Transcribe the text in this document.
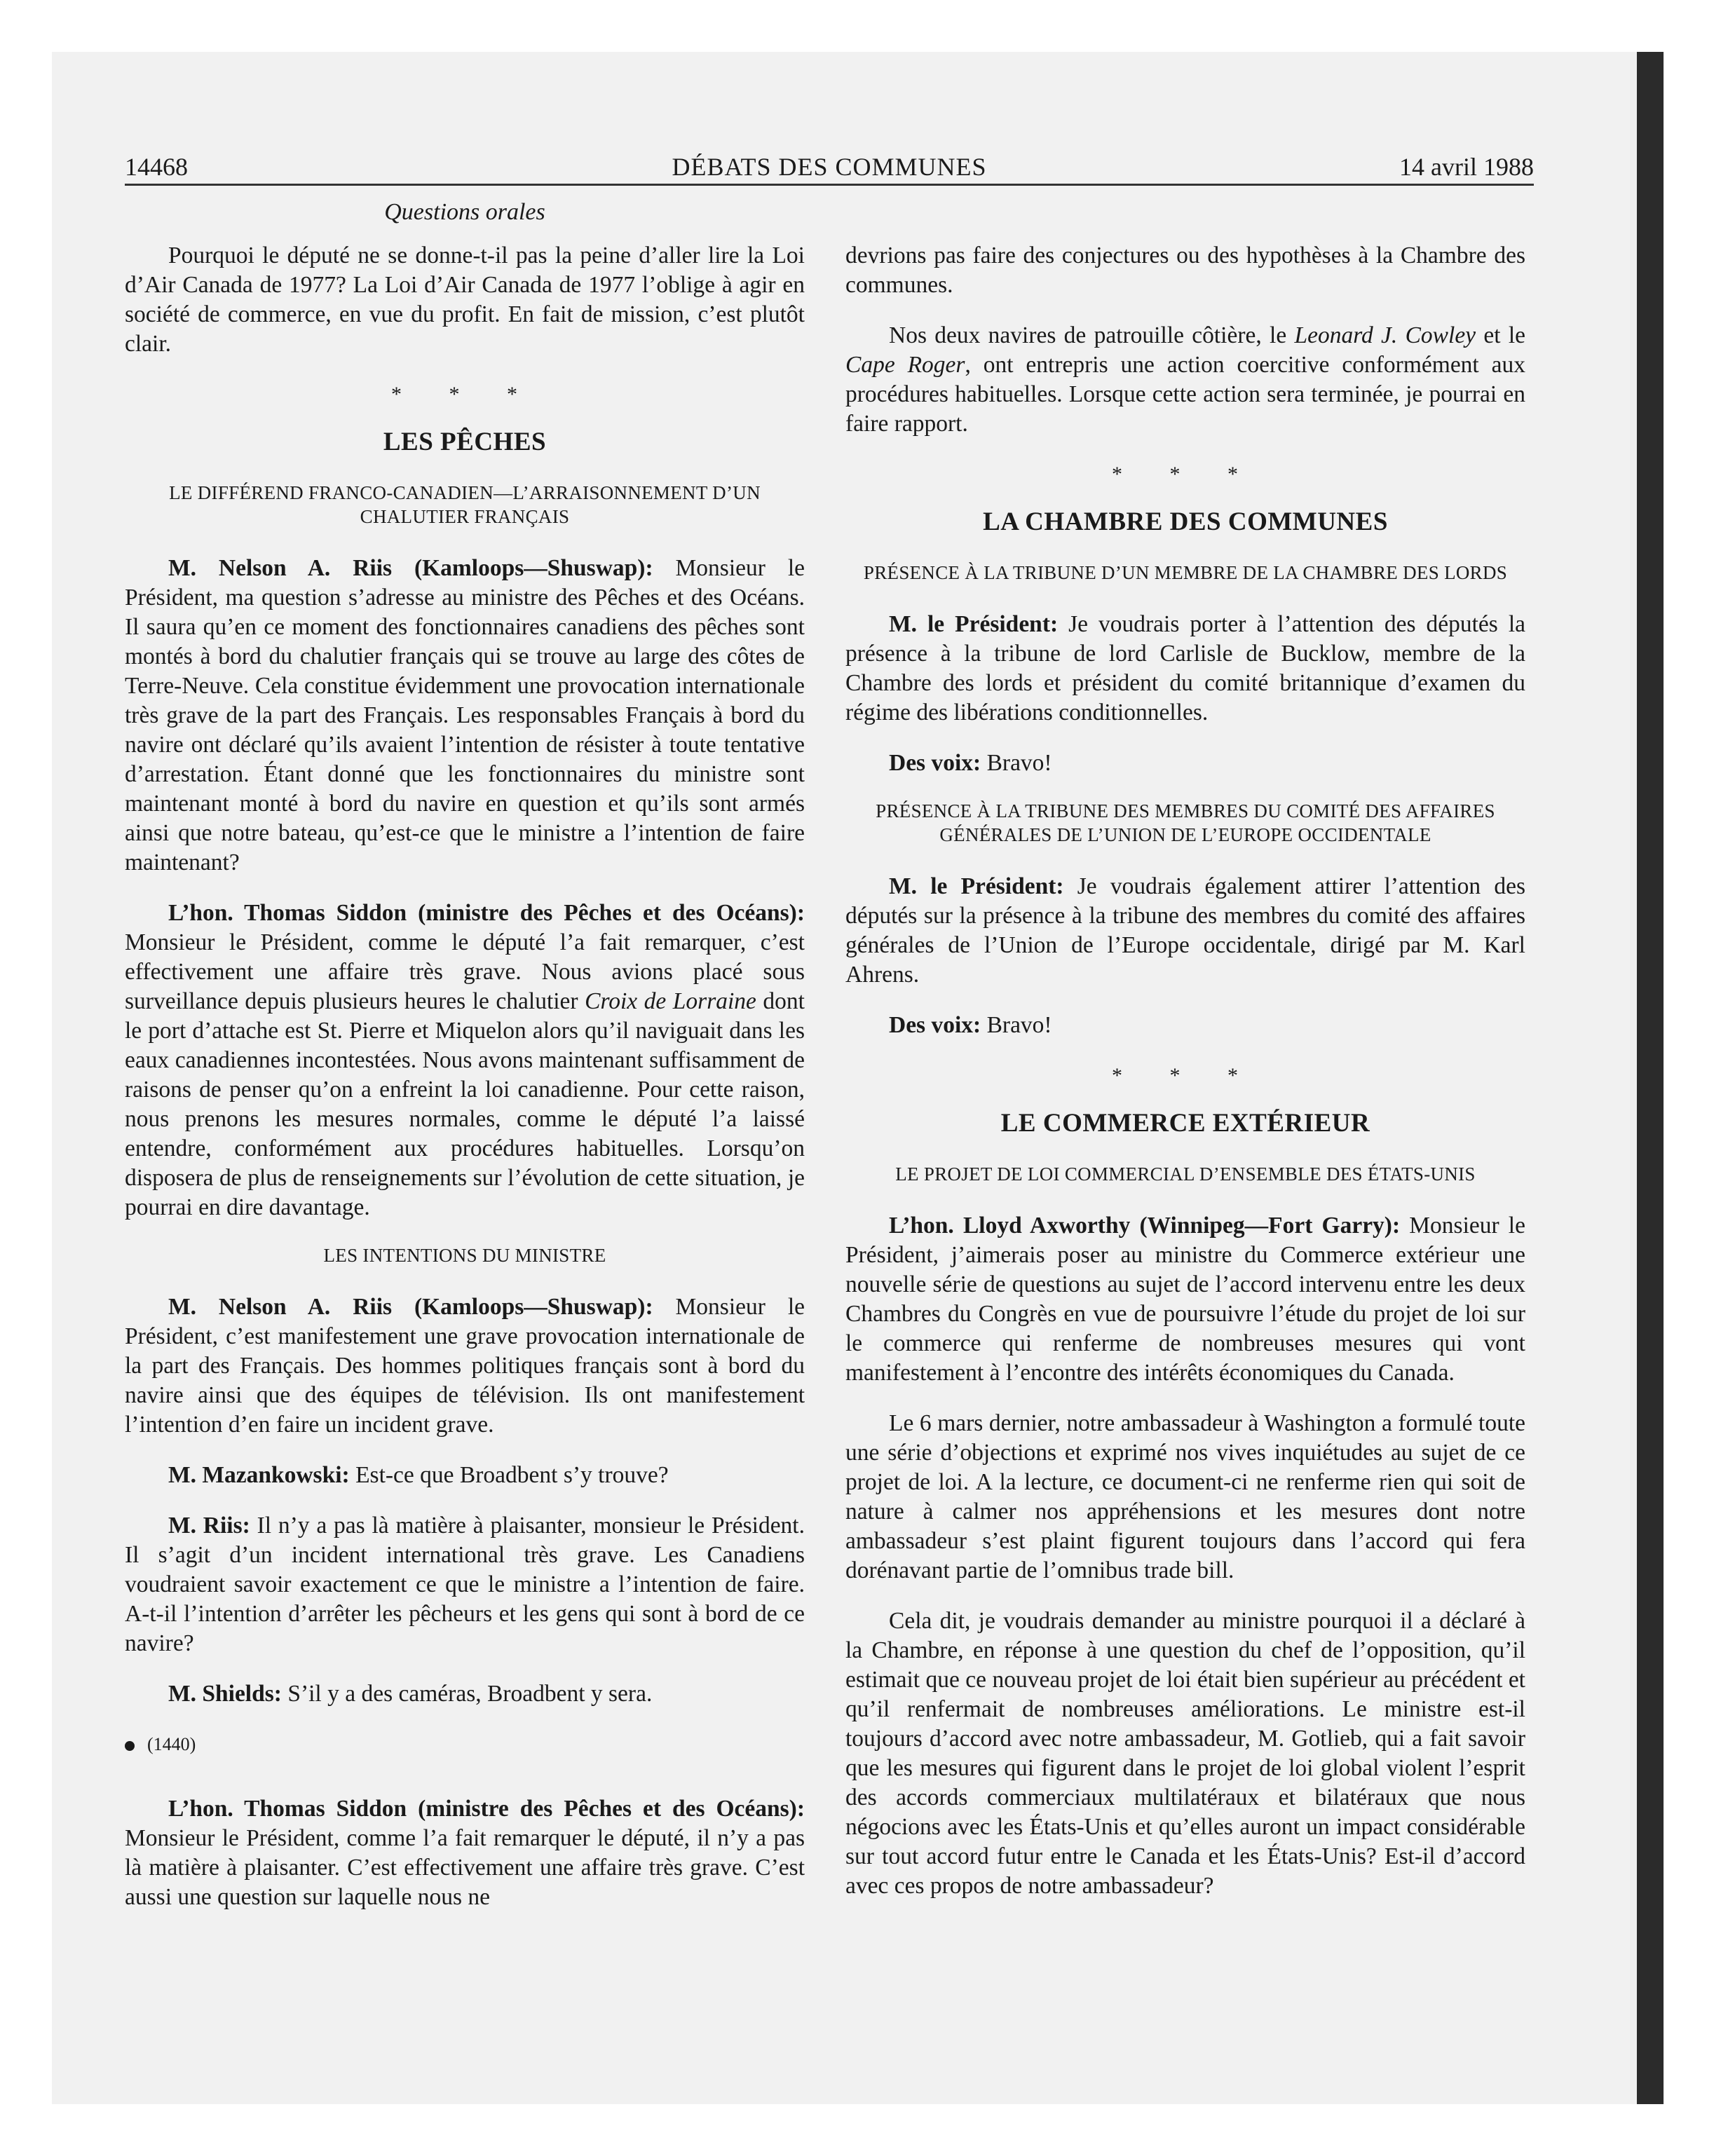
14468	DÉBATS DES COMMUNES	14 avril 1988
Questions orales

Pourquoi le député ne se donne-t-il pas la peine d’aller lire la Loi d’Air Canada de 1977? La Loi d’Air Canada de 1977 l’oblige à agir en société de commerce, en vue du profit. En fait de mission, c’est plutôt clair.

* * *
LES PÊCHES
LE DIFFÉREND FRANCO-CANADIEN—L’ARRAISONNEMENT D’UN CHALUTIER FRANÇAIS

M. Nelson A. Riis (Kamloops—Shuswap): Monsieur le Président, ma question s’adresse au ministre des Pêches et des Océans. Il saura qu’en ce moment des fonctionnaires canadiens des pêches sont montés à bord du chalutier français qui se trouve au large des côtes de Terre-Neuve. Cela constitue évidemment une provocation internationale très grave de la part des Français. Les responsables Français à bord du navire ont déclaré qu’ils avaient l’intention de résister à toute tentative d’arrestation. Étant donné que les fonctionnaires du ministre sont maintenant monté à bord du navire en question et qu’ils sont armés ainsi que notre bateau, qu’est-ce que le ministre a l’intention de faire maintenant?

L’hon. Thomas Siddon (ministre des Pêches et des Océans): Monsieur le Président, comme le député l’a fait remarquer, c’est effectivement une affaire très grave. Nous avions placé sous surveillance depuis plusieurs heures le chalutier Croix de Lorraine dont le port d’attache est St. Pierre et Miquelon alors qu’il naviguait dans les eaux canadiennes incontestées. Nous avons maintenant suffisamment de raisons de penser qu’on a enfreint la loi canadienne. Pour cette raison, nous prenons les mesures normales, comme le député l’a laissé entendre, conformément aux procédures habituelles. Lorsqu’on disposera de plus de renseignements sur l’évolution de cette situation, je pourrai en dire davantage.

LES INTENTIONS DU MINISTRE

M. Nelson A. Riis (Kamloops—Shuswap): Monsieur le Président, c’est manifestement une grave provocation internationale de la part des Français. Des hommes politiques français sont à bord du navire ainsi que des équipes de télévision. Ils ont manifestement l’intention d’en faire un incident grave.

M. Mazankowski: Est-ce que Broadbent s’y trouve?

M. Riis: Il n’y a pas là matière à plaisanter, monsieur le Président. Il s’agit d’un incident international très grave. Les Canadiens voudraient savoir exactement ce que le ministre a l’intention de faire. A-t-il l’intention d’arrêter les pêcheurs et les gens qui sont à bord de ce navire?

M. Shields: S’il y a des caméras, Broadbent y sera.

(1440)

L’hon. Thomas Siddon (ministre des Pêches et des Océans): Monsieur le Président, comme l’a fait remarquer le député, il n’y a pas là matière à plaisanter. C’est effectivement une affaire très grave. C’est aussi une question sur laquelle nous ne

devrions pas faire des conjectures ou des hypothèses à la Chambre des communes.

Nos deux navires de patrouille côtière, le Leonard J. Cowley et le Cape Roger, ont entrepris une action coercitive conformément aux procédures habituelles. Lorsque cette action sera terminée, je pourrai en faire rapport.

* * *
LA CHAMBRE DES COMMUNES
PRÉSENCE À LA TRIBUNE D’UN MEMBRE DE LA CHAMBRE DES LORDS

M. le Président: Je voudrais porter à l’attention des députés la présence à la tribune de lord Carlisle de Bucklow, membre de la Chambre des lords et président du comité britannique d’examen du régime des libérations conditionnelles.

Des voix: Bravo!

PRÉSENCE À LA TRIBUNE DES MEMBRES DU COMITÉ DES AFFAIRES GÉNÉRALES DE L’UNION DE L’EUROPE OCCIDENTALE

M. le Président: Je voudrais également attirer l’attention des députés sur la présence à la tribune des membres du comité des affaires générales de l’Union de l’Europe occidentale, dirigé par M. Karl Ahrens.

Des voix: Bravo!

* * *
LE COMMERCE EXTÉRIEUR
LE PROJET DE LOI COMMERCIAL D’ENSEMBLE DES ÉTATS-UNIS

L’hon. Lloyd Axworthy (Winnipeg—Fort Garry): Monsieur le Président, j’aimerais poser au ministre du Commerce extérieur une nouvelle série de questions au sujet de l’accord intervenu entre les deux Chambres du Congrès en vue de poursuivre l’étude du projet de loi sur le commerce qui renferme de nombreuses mesures qui vont manifestement à l’encontre des intérêts économiques du Canada.

Le 6 mars dernier, notre ambassadeur à Washington a formulé toute une série d’objections et exprimé nos vives inquiétudes au sujet de ce projet de loi. A la lecture, ce document-ci ne renferme rien qui soit de nature à calmer nos appréhensions et les mesures dont notre ambassadeur s’est plaint figurent toujours dans l’accord qui fera dorénavant partie de l’omnibus trade bill.

Cela dit, je voudrais demander au ministre pourquoi il a déclaré à la Chambre, en réponse à une question du chef de l’opposition, qu’il estimait que ce nouveau projet de loi était bien supérieur au précédent et qu’il renfermait de nombreuses améliorations. Le ministre est-il toujours d’accord avec notre ambassadeur, M. Gotlieb, qui a fait savoir que les mesures qui figurent dans le projet de loi global violent l’esprit des accords commerciaux multilatéraux et bilatéraux que nous négocions avec les États-Unis et qu’elles auront un impact considérable sur tout accord futur entre le Canada et les États-Unis? Est-il d’accord avec ces propos de notre ambassadeur?
